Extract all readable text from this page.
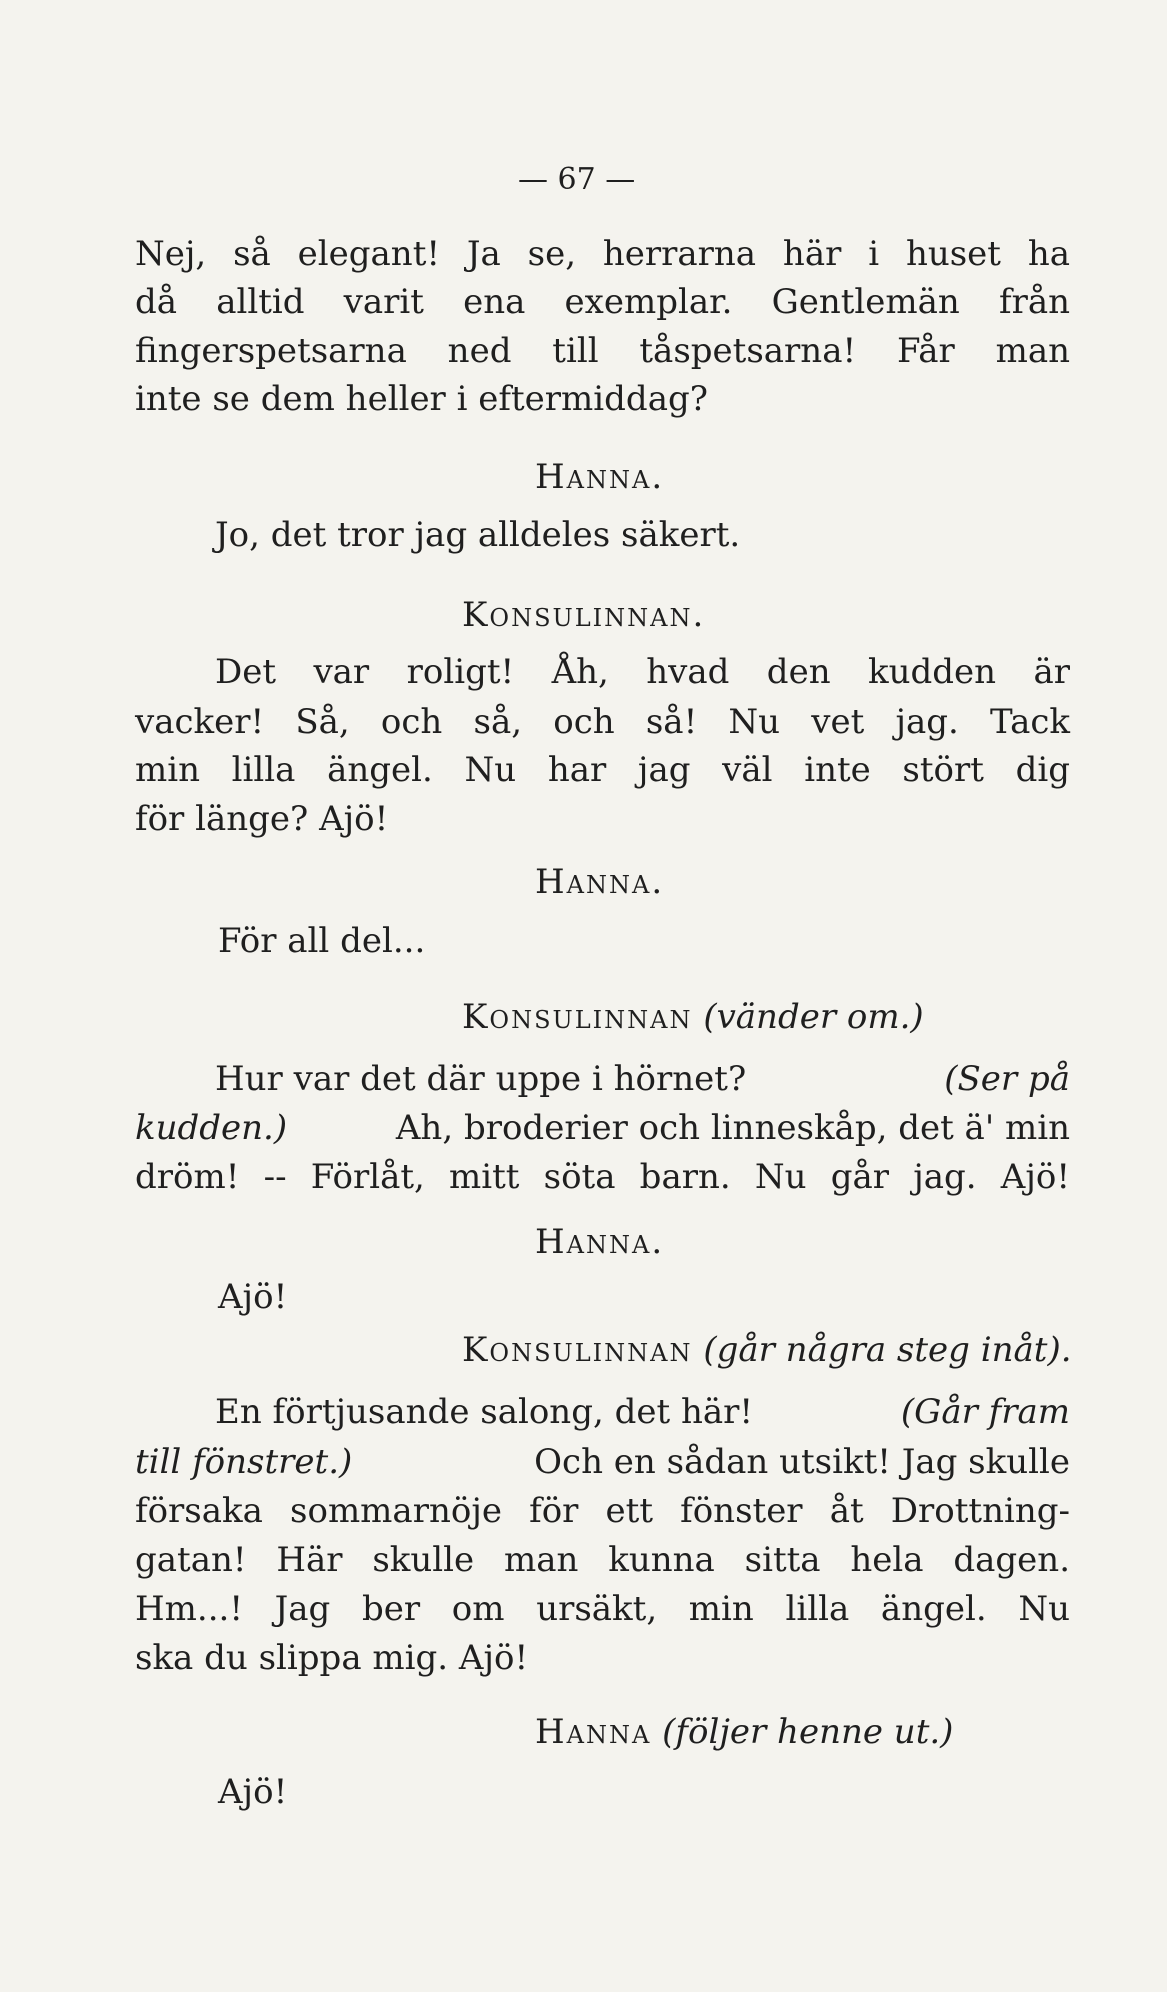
— 67 —
Nej, så elegant! Ja se, herrarna här i huset ha
då alltid varit ena exemplar. Gentlemän från
fingerspetsarna ned till tåspetsarna! Får man
inte se dem heller i eftermiddag?
Hanna.
Jo, det tror jag alldeles säkert.
Konsulinnan.
Det var roligt! Åh, hvad den kudden är
vacker! Så, och så, och så! Nu vet jag. Tack
min lilla ängel. Nu har jag väl inte stört dig
för länge? Ajö!
Hanna.
För all del...
Konsulinnan (vänder om.)
Hur var det där uppe i hörnet?	(Ser på
kudden.)	Ah, broderier och linneskåp, det ä' min
dröm! -- Förlåt, mitt söta barn. Nu går jag. Ajö!
Hanna.
Ajö!
Konsulinnan (går några steg inåt).
En förtjusande salong, det här!	(Går fram
till fönstret.)	Och en sådan utsikt! Jag skulle
försaka sommarnöje för ett fönster åt Drottning-
gatan! Här skulle man kunna sitta hela dagen.
Hm...! Jag ber om ursäkt, min lilla ängel. Nu
ska du slippa mig. Ajö!
Hanna (följer henne ut.)
Ajö!
